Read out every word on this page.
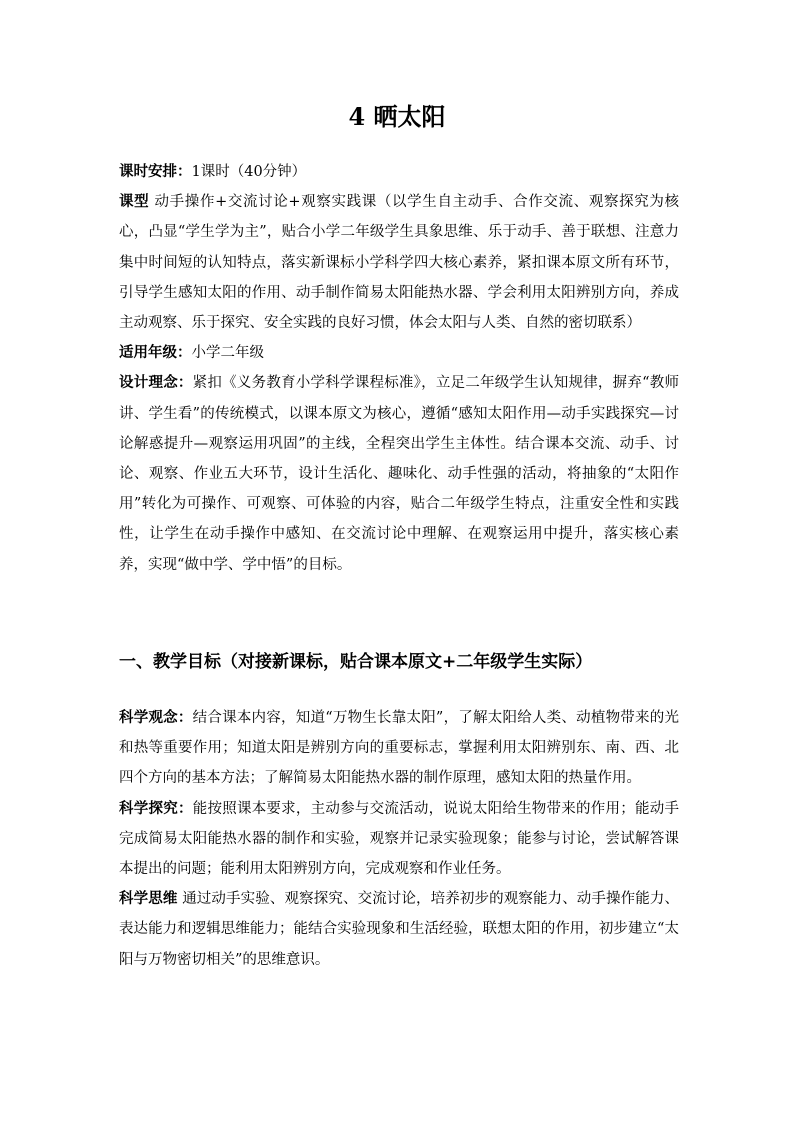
4 晒太阳

课时安排：1课时（40分钟）

课型 动手操作+交流讨论+观察实践课（以学生自主动手、合作交流、观察探究为核心，凸显“学生学为主”，贴合小学二年级学生具象思维、乐于动手、善于联想、注意力集中时间短的认知特点，落实新课标小学科学四大核心素养，紧扣课本原文所有环节，引导学生感知太阳的作用、动手制作简易太阳能热水器、学会利用太阳辨别方向，养成主动观察、乐于探究、安全实践的良好习惯，体会太阳与人类、自然的密切联系）

适用年级：小学二年级

设计理念：紧扣《义务教育小学科学课程标准》，立足二年级学生认知规律，摒弃“教师讲、学生看”的传统模式，以课本原文为核心，遵循“感知太阳作用—动手实践探究—讨论解惑提升—观察运用巩固”的主线，全程突出学生主体性。结合课本交流、动手、讨论、观察、作业五大环节，设计生活化、趣味化、动手性强的活动，将抽象的“太阳作用”转化为可操作、可观察、可体验的内容，贴合二年级学生特点，注重安全性和实践性，让学生在动手操作中感知、在交流讨论中理解、在观察运用中提升，落实核心素养，实现“做中学、学中悟”的目标。

一、教学目标（对接新课标，贴合课本原文+二年级学生实际）

科学观念：结合课本内容，知道“万物生长靠太阳”，了解太阳给人类、动植物带来的光和热等重要作用；知道太阳是辨别方向的重要标志，掌握利用太阳辨别东、南、西、北四个方向的基本方法；了解简易太阳能热水器的制作原理，感知太阳的热量作用。

科学探究：能按照课本要求，主动参与交流活动，说说太阳给生物带来的作用；能动手完成简易太阳能热水器的制作和实验，观察并记录实验现象；能参与讨论，尝试解答课本提出的问题；能利用太阳辨别方向，完成观察和作业任务。

科学思维 通过动手实验、观察探究、交流讨论，培养初步的观察能力、动手操作能力、表达能力和逻辑思维能力；能结合实验现象和生活经验，联想太阳的作用，初步建立“太阳与万物密切相关”的思维意识。
